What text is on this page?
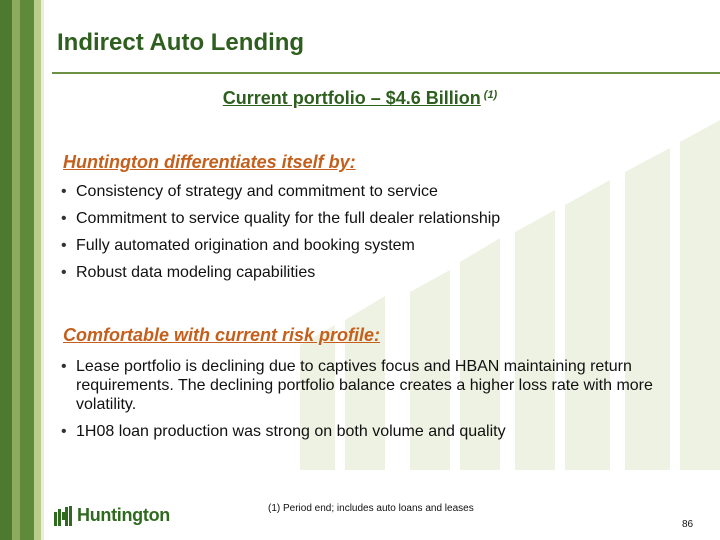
Indirect Auto Lending
Current portfolio – $4.6 Billion $^{(1)}$
Huntington differentiates itself by:
• Consistency of strategy and commitment to service
• Commitment to service quality for the full dealer relationship
• Fully automated origination and booking system
• Robust data modeling capabilities
Comfortable with current risk profile:
• Lease portfolio is declining due to captives focus and HBAN maintaining return requirements. The declining portfolio balance creates a higher loss rate with more volatility.
• 1H08 loan production was strong on both volume and quality
Huntington	(1) Period end; includes auto loans and leases
86
